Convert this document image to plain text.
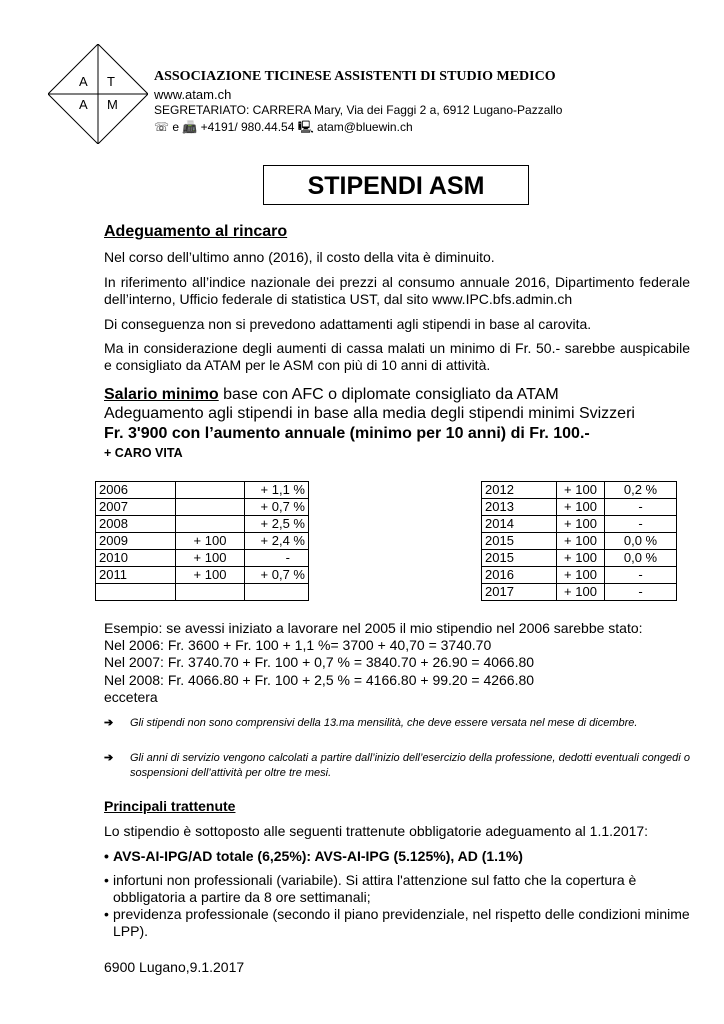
A T
A M
ASSOCIAZIONE TICINESE ASSISTENTI DI STUDIO MEDICO
www.atam.ch
SEGRETARIATO: CARRERA Mary, Via dei Faggi 2 a, 6912 Lugano-Pazzallo
☏ e 📠 +4191/ 980.44.54 🖳 atam@bluewin.ch
STIPENDI ASM
Adeguamento al rincaro
Nel corso dell’ultimo anno (2016), il costo della vita è diminuito.
In riferimento all’indice nazionale dei prezzi al consumo annuale 2016, Dipartimento federale dell’interno, Ufficio federale di statistica UST, dal sito www.IPC.bfs.admin.ch
Di conseguenza non si prevedono adattamenti agli stipendi in base al carovita.
Ma in considerazione degli aumenti di cassa malati un minimo di Fr. 50.- sarebbe auspicabile e consigliato da ATAM per le ASM con più di 10 anni di attività.
Salario minimo base con AFC o diplomate consigliato da ATAM
Adeguamento agli stipendi in base alla media degli stipendi minimi Svizzeri
Fr. 3'900 con l’aumento annuale (minimo per 10 anni) di Fr. 100.-
+ CARO VITA
2006		+ 1,1 %
2007		+ 0,7 %
2008		+ 2,5 %
2009	+ 100	+ 2,4 %
2010	+ 100	-
2011	+ 100	+ 0,7 %

2012	+ 100	0,2 %
2013	+ 100	-
2014	+ 100	-
2015	+ 100	0,0 %
2015	+ 100	0,0 %
2016	+ 100	-
2017	+ 100	-
Esempio: se avessi iniziato a lavorare nel 2005 il mio stipendio nel 2006 sarebbe stato:
Nel 2006: Fr. 3600 + Fr. 100 + 1,1 %= 3700 + 40,70 = 3740.70
Nel 2007: Fr. 3740.70 + Fr. 100 + 0,7 % = 3840.70 + 26.90 = 4066.80
Nel 2008: Fr. 4066.80 + Fr. 100 + 2,5 % = 4166.80 + 99.20 = 4266.80
eccetera
➔ Gli stipendi non sono comprensivi della 13.ma mensilità, che deve essere versata nel mese di dicembre.
➔ Gli anni di servizio vengono calcolati a partire dall’inizio dell’esercizio della professione, dedotti eventuali congedi o sospensioni dell’attività per oltre tre mesi.
Principali trattenute
Lo stipendio è sottoposto alle seguenti trattenute obbligatorie adeguamento al 1.1.2017:
• AVS-AI-IPG/AD totale (6,25%): AVS-AI-IPG (5.125%), AD (1.1%)
• infortuni non professionali (variabile). Si attira l'attenzione sul fatto che la copertura è obbligatoria a partire da 8 ore settimanali;
• previdenza professionale (secondo il piano previdenziale, nel rispetto delle condizioni minime LPP).
6900 Lugano,9.1.2017
